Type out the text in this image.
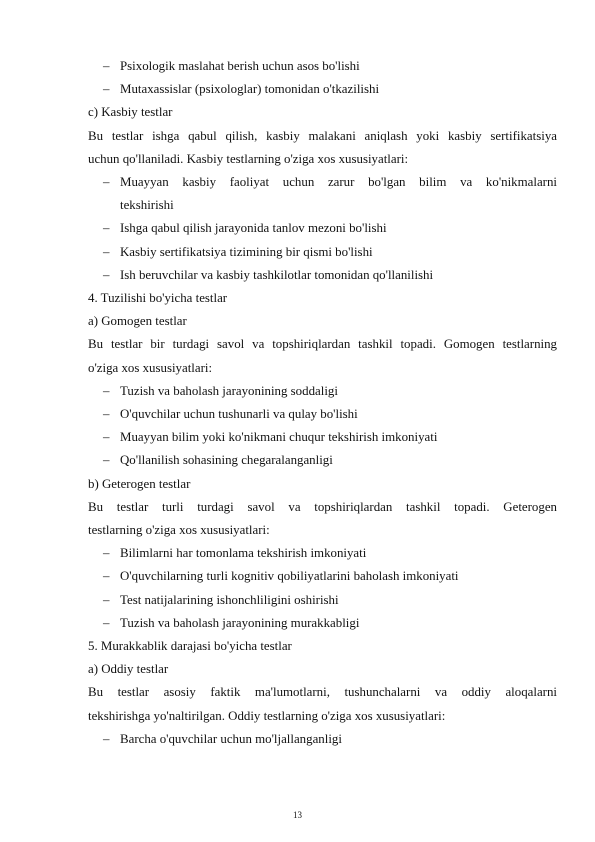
– Psixologik maslahat berish uchun asos bo'lishi
– Mutaxassislar (psixologlar) tomonidan o'tkazilishi
c) Kasbiy testlar
Bu testlar ishga qabul qilish, kasbiy malakani aniqlash yoki kasbiy sertifikatsiya
uchun qo'llaniladi. Kasbiy testlarning o'ziga xos xususiyatlari:
– Muayyan kasbiy faoliyat uchun zarur bo'lgan bilim va ko'nikmalarni
tekshirishi
– Ishga qabul qilish jarayonida tanlov mezoni bo'lishi
– Kasbiy sertifikatsiya tizimining bir qismi bo'lishi
– Ish beruvchilar va kasbiy tashkilotlar tomonidan qo'llanilishi
4. Tuzilishi bo'yicha testlar
a) Gomogen testlar
Bu testlar bir turdagi savol va topshiriqlardan tashkil topadi. Gomogen testlarning
o'ziga xos xususiyatlari:
– Tuzish va baholash jarayonining soddaligi
– O'quvchilar uchun tushunarli va qulay bo'lishi
– Muayyan bilim yoki ko'nikmani chuqur tekshirish imkoniyati
– Qo'llanilish sohasining chegaralanganligi
b) Geterogen testlar
Bu testlar turli turdagi savol va topshiriqlardan tashkil topadi. Geterogen
testlarning o'ziga xos xususiyatlari:
– Bilimlarni har tomonlama tekshirish imkoniyati
– O'quvchilarning turli kognitiv qobiliyatlarini baholash imkoniyati
– Test natijalarining ishonchliligini oshirishi
– Tuzish va baholash jarayonining murakkabligi
5. Murakkablik darajasi bo'yicha testlar
a) Oddiy testlar
Bu testlar asosiy faktik ma'lumotlarni, tushunchalarni va oddiy aloqalarni
tekshirishga yo'naltirilgan. Oddiy testlarning o'ziga xos xususiyatlari:
– Barcha o'quvchilar uchun mo'ljallanganligi
13
